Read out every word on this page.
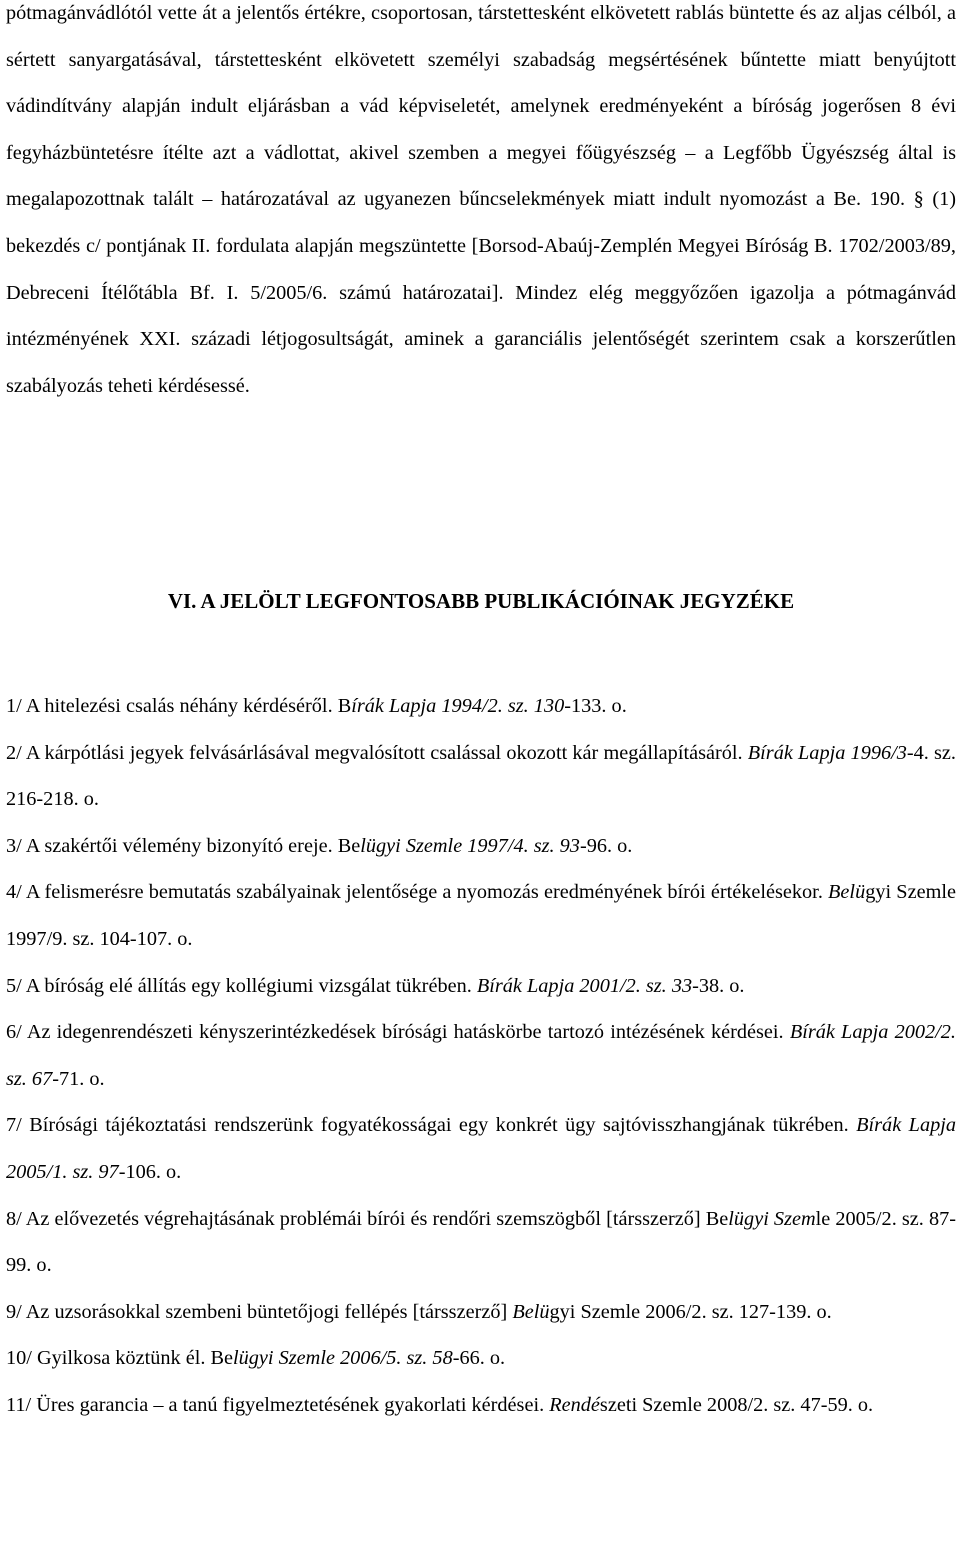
pótmagánvádlótól vette át a jelentős értékre, csoportosan, társtettesként elkövetett rablás büntette és az aljas célból, a sértett sanyargatásával, társtettesként elkövetett személyi szabadság megsértésének bűntette miatt benyújtott vádindítvány alapján indult eljárásban a vád képviseletét, amelynek eredményeként a bíróság jogerősen 8 évi fegyházbüntetésre ítélte azt a vádlottat, akivel szemben a megyei főügyészség – a Legfőbb Ügyészség által is megalapozottnak talált – határozatával az ugyanezen bűncselekmények miatt indult nyomozást a Be. 190. § (1) bekezdés c/ pontjának II. fordulata alapján megszüntette [Borsod-Abaúj-Zemplén Megyei Bíróság B. 1702/2003/89, Debreceni Ítélőtábla Bf. I. 5/2005/6. számú határozatai]. Mindez elég meggyőzően igazolja a pótmagánvád intézményének XXI. századi létjogosultságát, aminek a garanciális jelentőségét szerintem csak a korszerűtlen szabályozás teheti kérdésessé.

VI. A JELÖLT LEGFONTOSABB PUBLIKÁCIÓINAK JEGYZÉKE
1/ A hitelezési csalás néhány kérdéséről. Bírák Lapja 1994/2. sz. 130-133. o.
2/ A kárpótlási jegyek felvásárlásával megvalósított csalással okozott kár megállapításáról. Bírák Lapja 1996/3-4. sz. 216-218. o.
3/ A szakértői vélemény bizonyító ereje. Belügyi Szemle 1997/4. sz. 93-96. o.
4/ A felismerésre bemutatás szabályainak jelentősége a nyomozás eredményének bírói értékelésekor. Belügyi Szemle 1997/9. sz. 104-107. o.
5/ A bíróság elé állítás egy kollégiumi vizsgálat tükrében. Bírák Lapja 2001/2. sz. 33-38. o.
6/ Az idegenrendészeti kényszerintézkedések bírósági hatáskörbe tartozó intézésének kérdései. Bírák Lapja 2002/2. sz. 67-71. o.
7/ Bírósági tájékoztatási rendszerünk fogyatékosságai egy konkrét ügy sajtóvisszhangjának tükrében. Bírák Lapja 2005/1. sz. 97-106. o.
8/ Az elővezetés végrehajtásának problémái bírói és rendőri szemszögből [társszerző] Belügyi Szemle 2005/2. sz. 87-99. o.
9/ Az uzsorásokkal szembeni büntetőjogi fellépés [társszerző] Belügyi Szemle 2006/2. sz. 127-139. o.
10/ Gyilkosa köztünk él. Belügyi Szemle 2006/5. sz. 58-66. o.
11/ Üres garancia – a tanú figyelmeztetésének gyakorlati kérdései. Rendészeti Szemle 2008/2. sz. 47-59. o.
